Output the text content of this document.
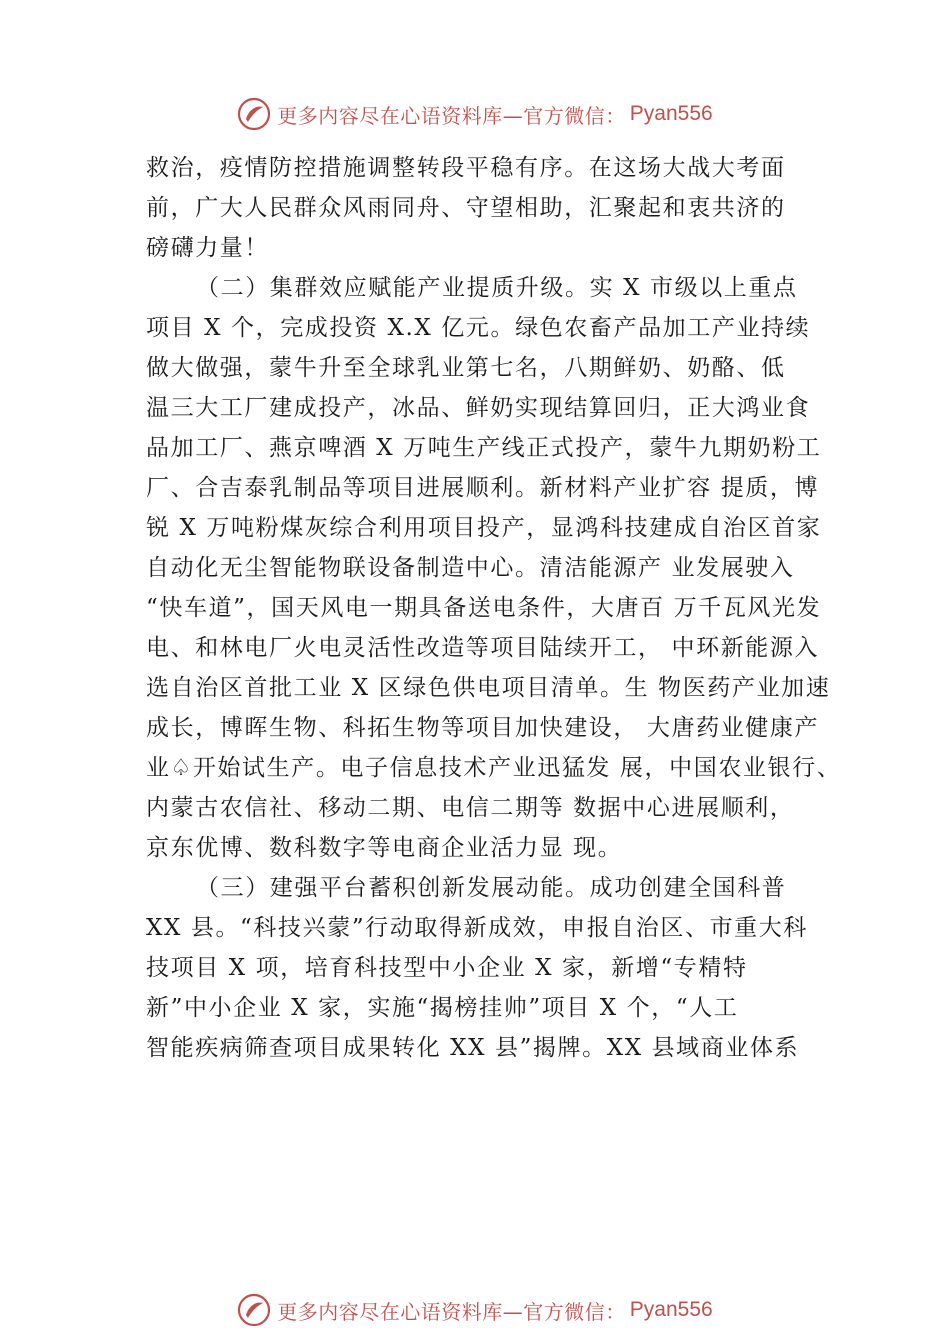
更多内容尽在心语资料库—官方微信： Pyan556
救治，疫情防控措施调整转段平稳有序。在这场大战大考面
前，广大人民群众风雨同舟、守望相助，汇聚起和衷共济的
磅礴力量！
（二）集群效应赋能产业提质升级。实 X 市级以上重点
项目 X 个，完成投资 X.X 亿元。绿色农畜产品加工产业持续
做大做强，蒙牛升至全球乳业第七名，八期鲜奶、奶酪、低
温三大工厂建成投产，冰品、鲜奶实现结算回归，正大鸿业食
品加工厂、燕京啤酒 X 万吨生产线正式投产，蒙牛九期奶粉工
厂、合吉泰乳制品等项目进展顺利。新材料产业扩容 提质，博
锐 X 万吨粉煤灰综合利用项目投产，显鸿科技建成自治区首家
自动化无尘智能物联设备制造中心。清洁能源产 业发展驶入
“快车道”，国天风电一期具备送电条件，大唐百 万千瓦风光发
电、和林电厂火电灵活性改造等项目陆续开工， 中环新能源入
选自治区首批工业 X 区绿色供电项目清单。生 物医药产业加速
成长，博晖生物、科拓生物等项目加快建设， 大唐药业健康产
业♤开始试生产。电子信息技术产业迅猛发 展，中国农业银行、
内蒙古农信社、移动二期、电信二期等 数据中心进展顺利，
京东优博、数科数字等电商企业活力显 现。
（三）建强平台蓄积创新发展动能。成功创建全国科普
XX 县。“科技兴蒙”行动取得新成效，申报自治区、市重大科
技项目 X 项，培育科技型中小企业 X 家，新增“专精特
新”中小企业 X 家，实施“揭榜挂帅”项目 X 个，“人工
智能疾病筛查项目成果转化 XX 县”揭牌。XX 县域商业体系
更多内容尽在心语资料库—官方微信： Pyan556
